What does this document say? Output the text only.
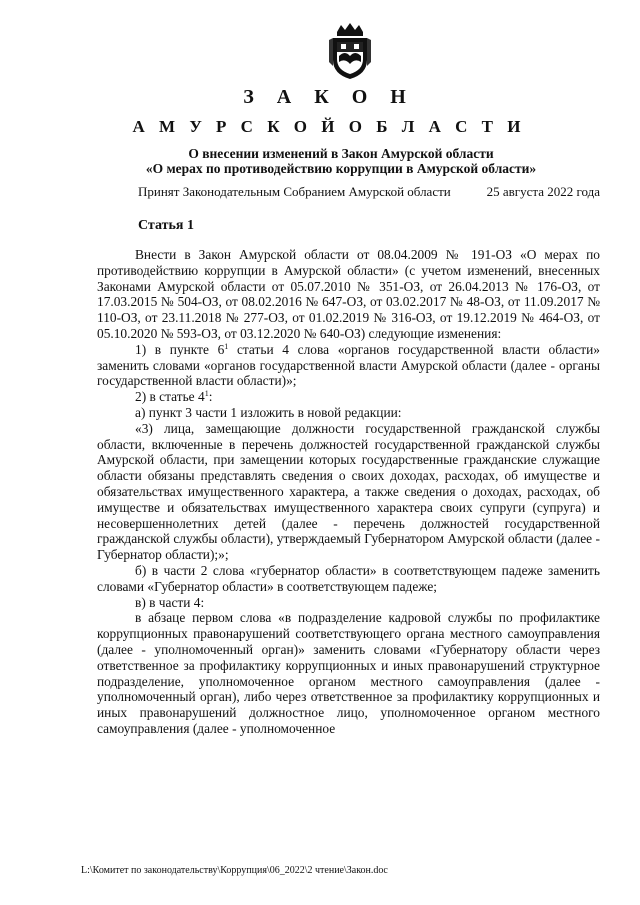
З А К О Н
А М У Р С К О Й О Б Л А С Т И
О внесении изменений в Закон Амурской области
«О мерах по противодействию коррупции в Амурской области»
Принят Законодательным Собранием Амурской области	25 августа 2022 года
Статья 1

Внести в Закон Амурской области от 08.04.2009 № 191-ОЗ «О мерах по противодействию коррупции в Амурской области» (с учетом изменений, внесенных Законами Амурской области от 05.07.2010 № 351-ОЗ, от 26.04.2013 № 176-ОЗ, от 17.03.2015 № 504-ОЗ, от 08.02.2016 № 647-ОЗ, от 03.02.2017 № 48-ОЗ, от 11.09.2017 № 110-ОЗ, от 23.11.2018 № 277-ОЗ, от 01.02.2019 № 316-ОЗ, от 19.12.2019 № 464-ОЗ, от 05.10.2020 № 593-ОЗ, от 03.12.2020 № 640-ОЗ) следующие изменения:

1) в пункте $6^1$ статьи 4 слова «органов государственной власти области» заменить словами «органов государственной власти Амурской области (далее - органы государственной власти области)»;

2) в статье $4^1$:

а) пункт 3 части 1 изложить в новой редакции:

«3) лица, замещающие должности государственной гражданской службы области, включенные в перечень должностей государственной гражданской службы Амурской области, при замещении которых государственные гражданские служащие области обязаны представлять сведения о своих доходах, расходах, об имуществе и обязательствах имущественного характера, а также сведения о доходах, расходах, об имуществе и обязательствах имущественного характера своих супруги (супруга) и несовершеннолетних детей (далее - перечень должностей государственной гражданской службы области), утверждаемый Губернатором Амурской области (далее - Губернатор области);»;

б) в части 2 слова «губернатор области» в соответствующем падеже заменить словами «Губернатор области» в соответствующем падеже;

в) в части 4:

в абзаце первом слова «в подразделение кадровой службы по профилактике коррупционных правонарушений соответствующего органа местного самоуправления (далее - уполномоченный орган)» заменить словами «Губернатору области через ответственное за профилактику коррупционных и иных правонарушений структурное подразделение, уполномоченное органом местного самоуправления (далее - уполномоченный орган), либо через ответственное за профилактику коррупционных и иных правонарушений должностное лицо, уполномоченное органом местного самоуправления (далее - уполномоченное

L:\Комитет по законодательству\Коррупция\06_2022\2 чтение\Закон.doc
